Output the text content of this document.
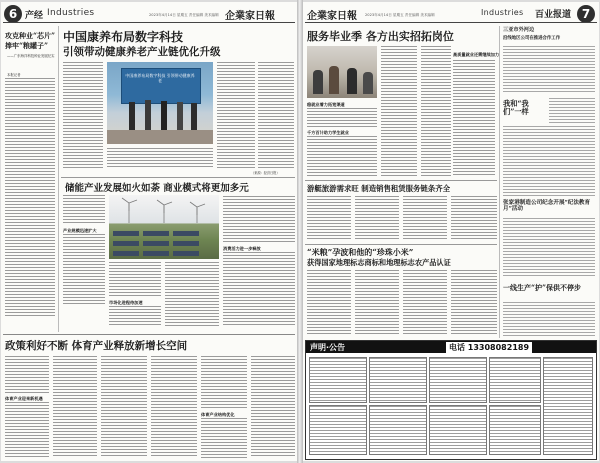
6 产经 Industries	2023年4月14日 星期五 责任编辑 美术编辑 企業家日報
攻克种业“芯片”
捧牢“粮罐子”
——广东海洋科技种业发展纪实
本报记者
中国康养布局数字科技
引领带动健康养老产业链优化升级
中国康养布局数字科技 引领带动健康养老
（来源：经济日报）
储能产业发展如火如荼 商业模式将更加多元
产业规模迅速扩大
市场化进程待加速
消费活力进一步释放
政策利好不断 体育产业释放新增长空间
体育产业迎来新机遇
体育产业结构优化
企業家日報 2023年4月14日 星期五 责任编辑 美术编辑	Industries 百业报道 7
服务毕业季 各方出实招拓岗位
高质量就业还需继续加力
稳就业着力拓宽渠道
千方百计助力学生就业
游艇旅游需求旺 制造销售租赁服务链条齐全
“米粮”孕波和他的“珍珠小米”
获得国家地理标志商标和地理标志农产品认证
三亚市外河边
沿线地区公司在推进合作工作
我和“我们”一样
张家港制造公司纪念开展“纪法教育月”活动
一线生产“护”保供不停步
声明·公告	电话 13308082189
